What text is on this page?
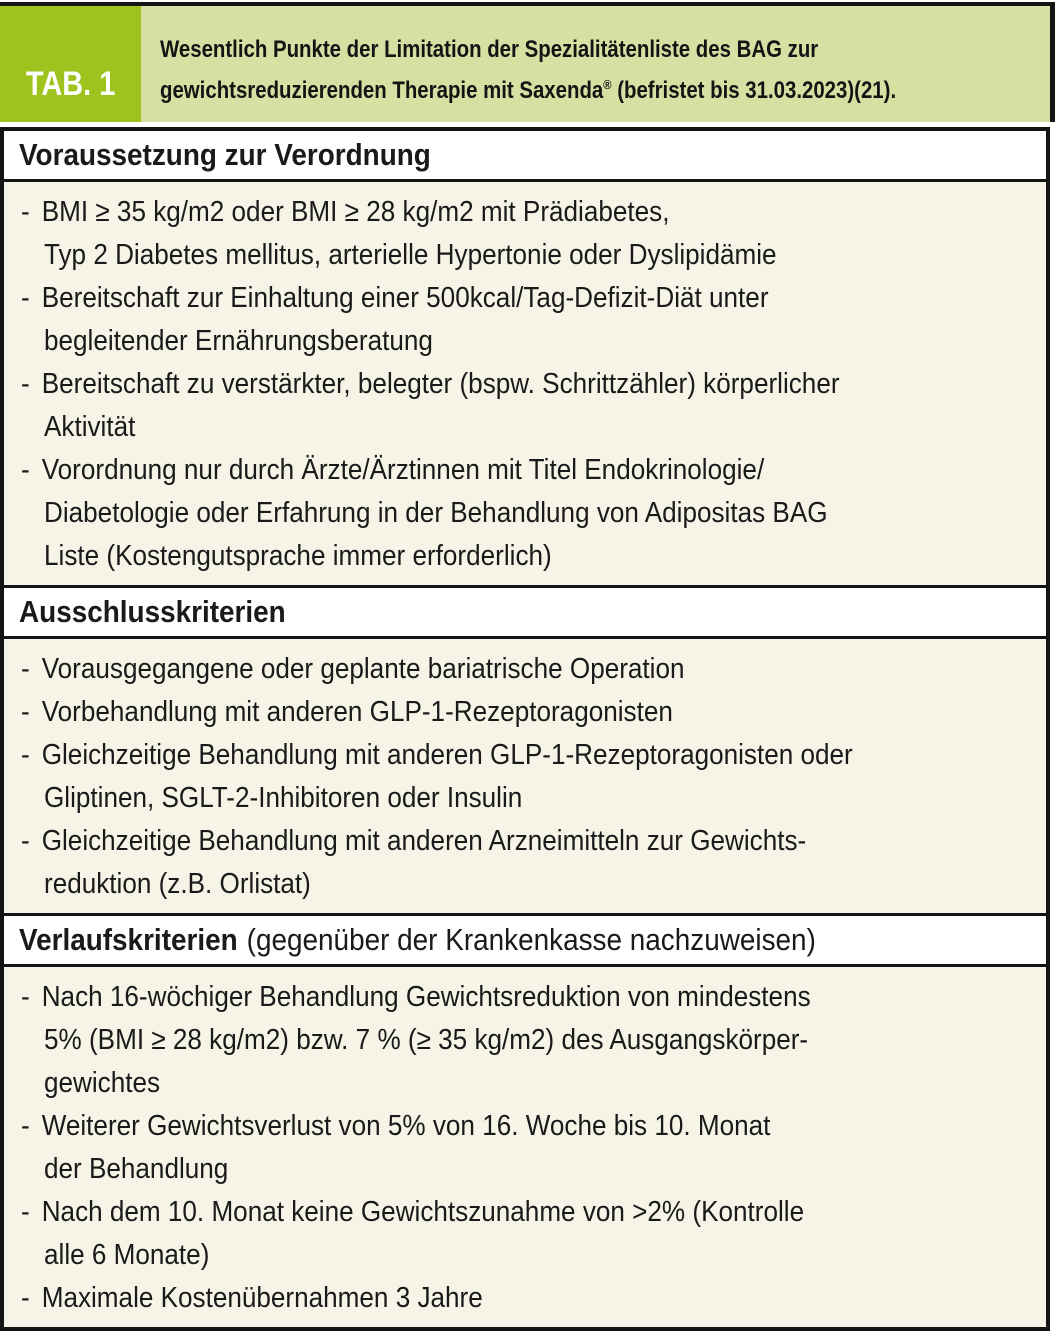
TAB. 1
Wesentlich Punkte der Limitation der Spezialitätenliste des BAG zur
gewichtsreduzierenden Therapie mit Saxenda® (befristet bis 31.03.2023)(21).
Voraussetzung zur Verordnung
- BMI ≥ 35 kg/m2 oder BMI ≥ 28 kg/m2 mit Prädiabetes,
Typ 2 Diabetes mellitus, arterielle Hypertonie oder Dyslipidämie
- Bereitschaft zur Einhaltung einer 500kcal/Tag-Defizit-Diät unter
begleitender Ernährungsberatung
- Bereitschaft zu verstärkter, belegter (bspw. Schrittzähler) körperlicher
Aktivität
- Vorordnung nur durch Ärzte/Ärztinnen mit Titel Endokrinologie/
Diabetologie oder Erfahrung in der Behandlung von Adipositas BAG
Liste (Kostengutsprache immer erforderlich)
Ausschlusskriterien
- Vorausgegangene oder geplante bariatrische Operation
- Vorbehandlung mit anderen GLP-1-Rezeptoragonisten
- Gleichzeitige Behandlung mit anderen GLP-1-Rezeptoragonisten oder
Gliptinen, SGLT-2-Inhibitoren oder Insulin
- Gleichzeitige Behandlung mit anderen Arzneimitteln zur Gewichts-
reduktion (z.B. Orlistat)
Verlaufskriterien (gegenüber der Krankenkasse nachzuweisen)
- Nach 16-wöchiger Behandlung Gewichtsreduktion von mindestens
5% (BMI ≥ 28 kg/m2) bzw. 7 % (≥ 35 kg/m2) des Ausgangskörper-
gewichtes
- Weiterer Gewichtsverlust von 5% von 16. Woche bis 10. Monat
der Behandlung
- Nach dem 10. Monat keine Gewichtszunahme von >2% (Kontrolle
alle 6 Monate)
- Maximale Kostenübernahmen 3 Jahre
